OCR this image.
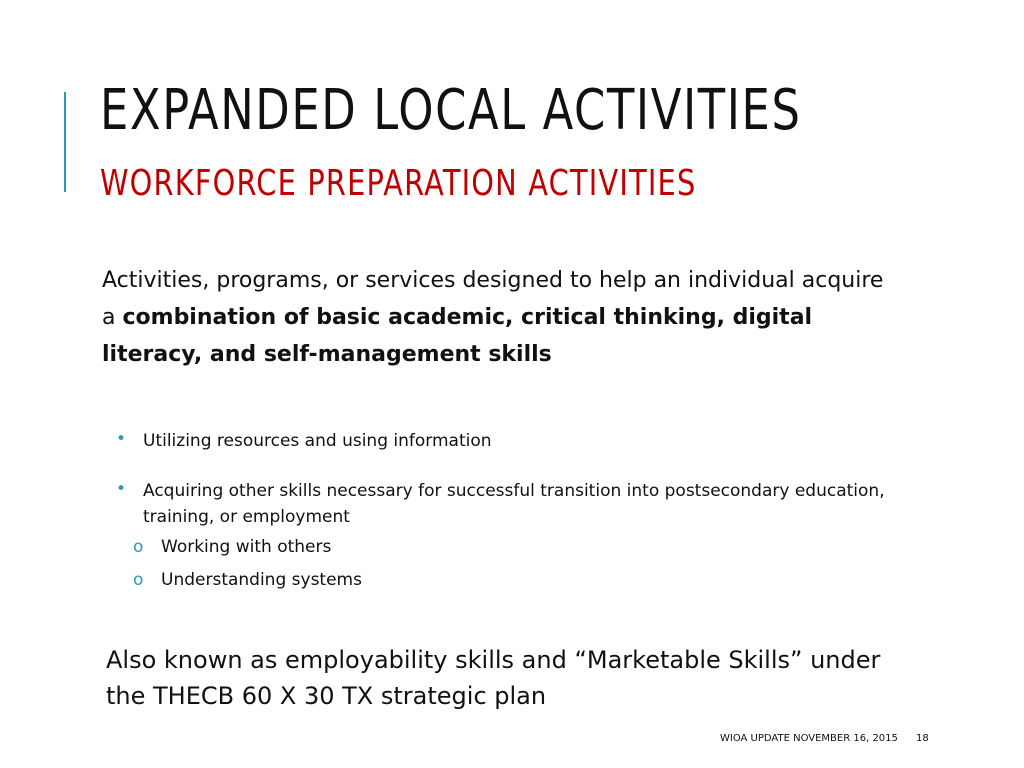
EXPANDED LOCAL ACTIVITIES
WORKFORCE PREPARATION ACTIVITIES

Activities, programs, or services designed to help an individual acquire a combination of basic academic, critical thinking, digital literacy, and self-management skills

• Utilizing resources and using information
• Acquiring other skills necessary for successful transition into postsecondary education, training, or employment
o Working with others
o Understanding systems

Also known as employability skills and “Marketable Skills” under the THECB 60 X 30 TX strategic plan

WIOA UPDATE NOVEMBER 16, 2015 18
